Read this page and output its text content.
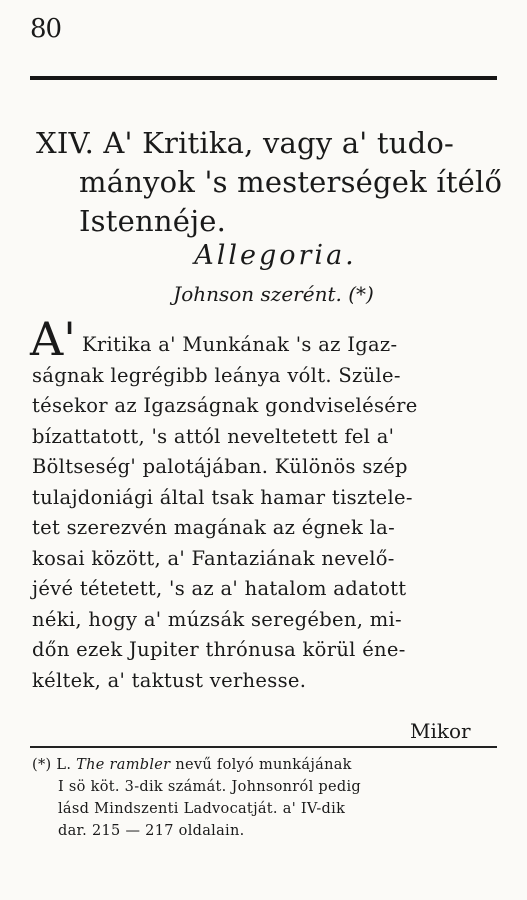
80
XIV. A' Kritika, vagy a' tudo-
mányok 's mesterségek ítélő
Istennéje.
Allegoria.
Johnson szerént. (*)
A' Kritika a' Munkának 's az Igaz-
ságnak legrégibb leánya vólt. Szüle-
tésekor az Igazságnak gondviselésére
bízattatott, 's attól neveltetett fel a'
Böltseség' palotájában. Különös szép
tulajdoniági által tsak hamar tisztele-
tet szerezvén magának az égnek la-
kosai között, a' Fantaziának nevelő-
jévé tétetett, 's az a' hatalom adatott
néki, hogy a' múzsák seregében, mi-
dőn ezek Jupiter thrónusa körül éne-
kéltek, a' taktust verhesse.
Mikor
(*) L. The rambler nevű folyó munkájának
I sö köt. 3-dik számát. Johnsonról pedig
lásd Mindszenti Ladvocatját. a' IV-dik
dar. 215 — 217 oldalain.
